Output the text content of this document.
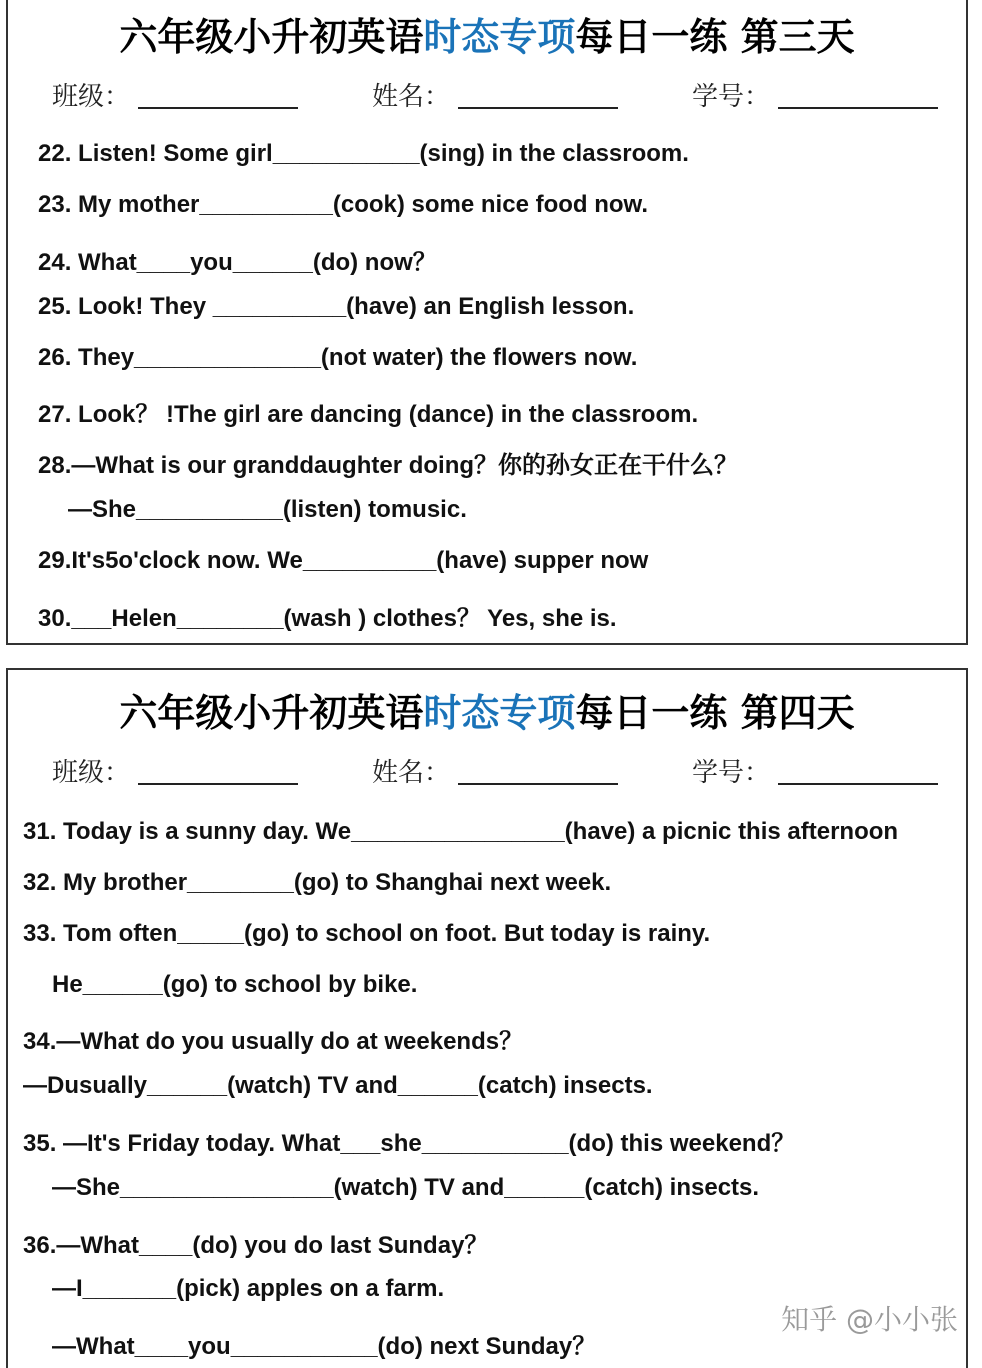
六年级小升初英语时态专项每日一练 第三天
班级：	姓名：	学号：
22. Listen! Some girl___________(sing) in the classroom.
23. My mother__________(cook) some nice food now.
24. What____you______(do) now？
25. Look! They __________(have) an English lesson.
26. They______________(not water) the flowers now.
27. Look？ !The girl are dancing (dance) in the classroom.
28.—What is our granddaughter doing？你的孙女正在干什么？
—She___________(listen) tomusic.
29.It's5o'clock now. We__________(have) supper now
30.___Helen________(wash ) clothes？ Yes, she is.
六年级小升初英语时态专项每日一练 第四天
班级：	姓名：	学号：
31. Today is a sunny day. We________________(have) a picnic this afternoon
32. My brother________(go) to Shanghai next week.
33. Tom often_____(go) to school on foot. But today is rainy.
He______(go) to school by bike.
34.—What do you usually do at weekends？
—Dusually______(watch) TV and______(catch) insects.
35. —It's Friday today. What___she___________(do) this weekend？
—She________________(watch) TV and______(catch) insects.
36.—What____(do) you do last Sunday？
—I_______(pick) apples on a farm.
—What____you___________(do) next Sunday？
知乎 @小小张
